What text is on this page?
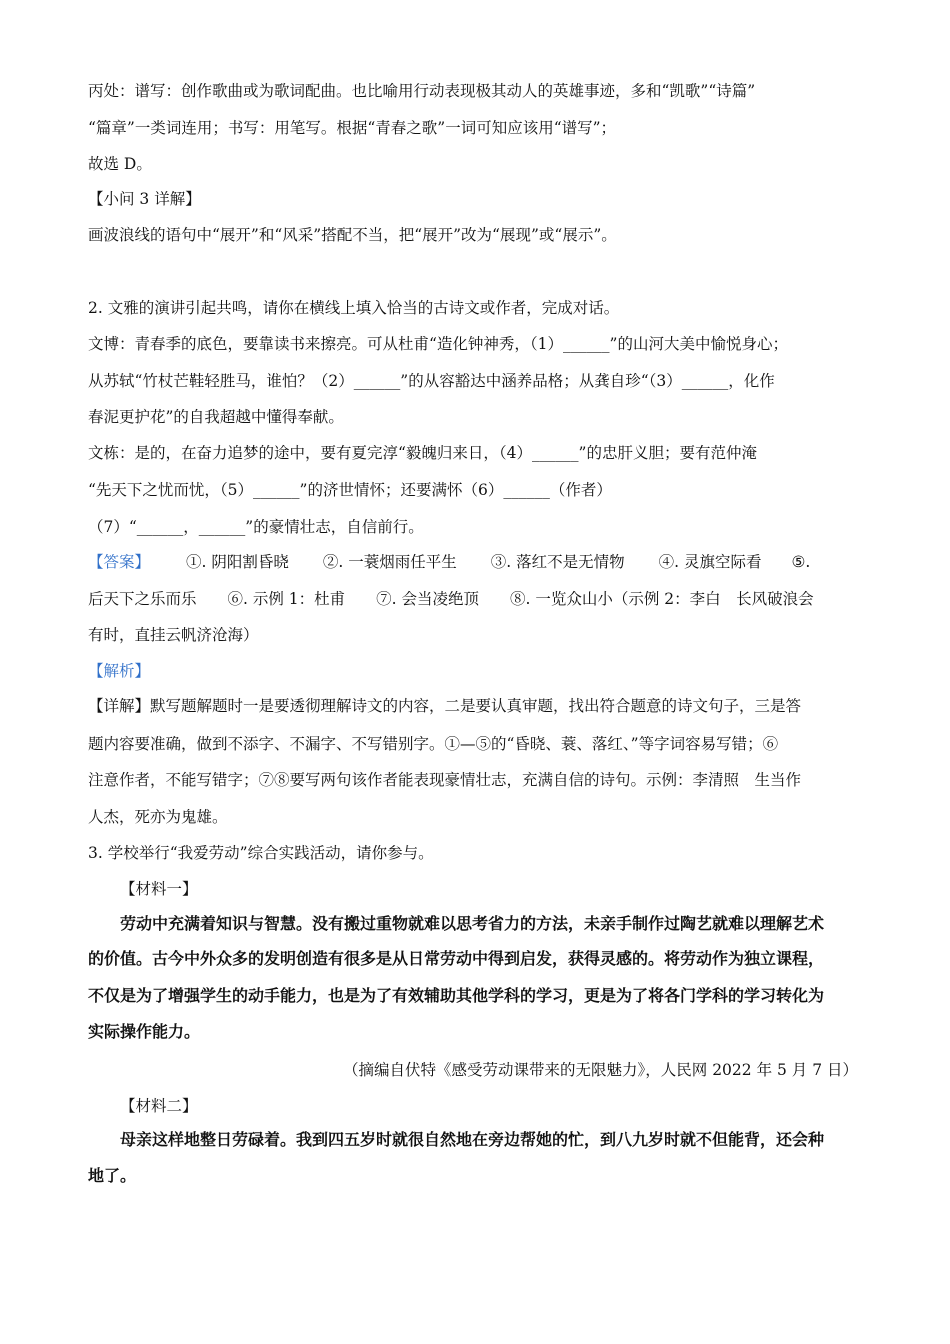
丙处：谱写：创作歌曲或为歌词配曲。也比喻用行动表现极其动人的英雄事迹，多和“凯歌”“诗篇”
“篇章”一类词连用；书写：用笔写。根据“青春之歌”一词可知应该用“谱写”；
故选 D。
【小问 3 详解】
画波浪线的语句中“展开”和“风采”搭配不当，把“展开”改为“展现”或“展示”。
2. 文雅的演讲引起共鸣，请你在横线上填入恰当的古诗文或作者，完成对话。
文博：青春季的底色，要靠读书来擦亮。可从杜甫“造化钟神秀，（1）______”的山河大美中愉悦身心；
从苏轼“竹杖芒鞋轻胜马，谁怕？（2）______”的从容豁达中涵养品格；从龚自珍“（3）______，化作
春泥更护花”的自我超越中懂得奉献。
文栋：是的，在奋力追梦的途中，要有夏完淳“毅魄归来日，（4）______”的忠肝义胆；要有范仲淹
“先天下之忧而忧，（5）______”的济世情怀；还要满怀（6）______（作者）
（7）“______，______”的豪情壮志，自信前行。
【答案】 ①. 阴阳割昏晓 ②. 一蓑烟雨任平生 ③. 落红不是无情物 ④. 灵旗空际看 ⑤.
后天下之乐而乐　　⑥. 示例 1：杜甫　　⑦. 会当凌绝顶　　⑧. 一览众山小（示例 2：李白　长风破浪会
有时，直挂云帆济沧海）
【解析】
【详解】默写题解题时一是要透彻理解诗文的内容，二是要认真审题，找出符合题意的诗文句子，三是答
题内容要准确，做到不添字、不漏字、不写错别字。①—⑤的“昏晓、蓑、落红、”等字词容易写错；⑥
注意作者，不能写错字；⑦⑧要写两句该作者能表现豪情壮志，充满自信的诗句。示例：李清照　生当作
人杰，死亦为鬼雄。
3. 学校举行“我爱劳动”综合实践活动，请你参与。
【材料一】
劳动中充满着知识与智慧。没有搬过重物就难以思考省力的方法，未亲手制作过陶艺就难以理解艺术
的价值。古今中外众多的发明创造有很多是从日常劳动中得到启发，获得灵感的。将劳动作为独立课程，
不仅是为了增强学生的动手能力，也是为了有效辅助其他学科的学习，更是为了将各门学科的学习转化为
实际操作能力。
（摘编自伏特《感受劳动课带来的无限魅力》，人民网 2022 年 5 月 7 日）
【材料二】
母亲这样地整日劳碌着。我到四五岁时就很自然地在旁边帮她的忙，到八九岁时就不但能背，还会种
地了。
